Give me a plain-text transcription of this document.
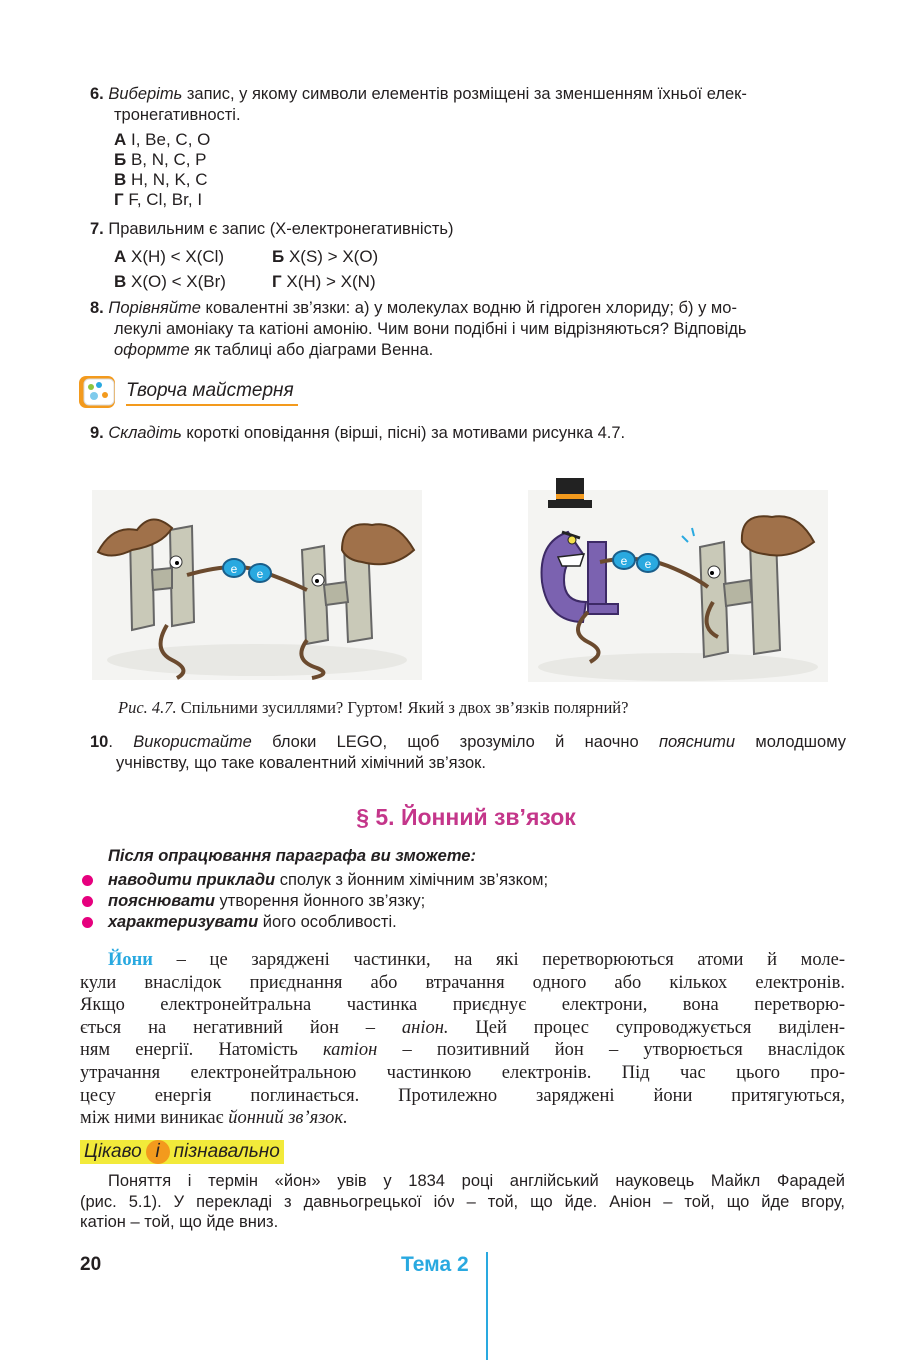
6. Виберіть запис, у якому символи елементів розміщені за зменшенням їхньої елек-
тронегативності.
А I, Be, C, O
Б B, N, C, P
В H, N, K, C
Г F, Cl, Br, I
7. Правильним є запис (Χ-електронегативність)
А Χ(H) < Χ(Cl)	Б Χ(S) > Χ(O)
В Χ(O) < Χ(Br)	Г Χ(H) > Χ(N)
8. Порівняйте ковалентні зв’язки: а) у молекулах водню й гідроген хлориду; б) у мо-
лекулі амоніаку та катіоні амонію. Чим вони подібні і чим відрізняються? Відповідь
оформте як таблиці або діаграми Венна.
Творча майстерня
9. Складіть короткі оповідання (вірші, пісні) за мотивами рисунка 4.7.
e e
e e
Рис. 4.7. Спільними зусиллями? Гуртом! Який з двох зв’язків полярний?
10. Використайте блоки LEGO, щоб зрозуміло й наочно пояснити молодшому
учнівству, що таке ковалентний хімічний зв’язок.
§ 5. Йонний зв’язок
Після опрацювання параграфа ви зможете:
наводити приклади сполук з йонним хімічним зв’язком;
пояснювати утворення йонного зв’язку;
характеризувати його особливості.
Йони – це заряджені частинки, на які перетворюються атоми й моле-
кули внаслідок приєднання або втрачання одного або кількох електронів.
Якщо електронейтральна частинка приєднує електрони, вона перетворю-
ється на негативний йон – аніон. Цей процес супроводжується виділен-
ням енергії. Натомість катіон – позитивний йон – утворюється внаслідок
утрачання електронейтральною частинкою електронів. Під час цього про-
цесу енергія поглинається. Протилежно заряджені йони притягуються,
між ними виникає йонний зв’язок.
Цікаво і пізнавально
Поняття і термін «йон» увів у 1834 році англійський науковець Майкл Фарадей
(рис. 5.1). У перекладі з давньогрецької іóν – той, що йде. Аніон – той, що йде вгору,
катіон – той, що йде вниз.
20	Тема 2
